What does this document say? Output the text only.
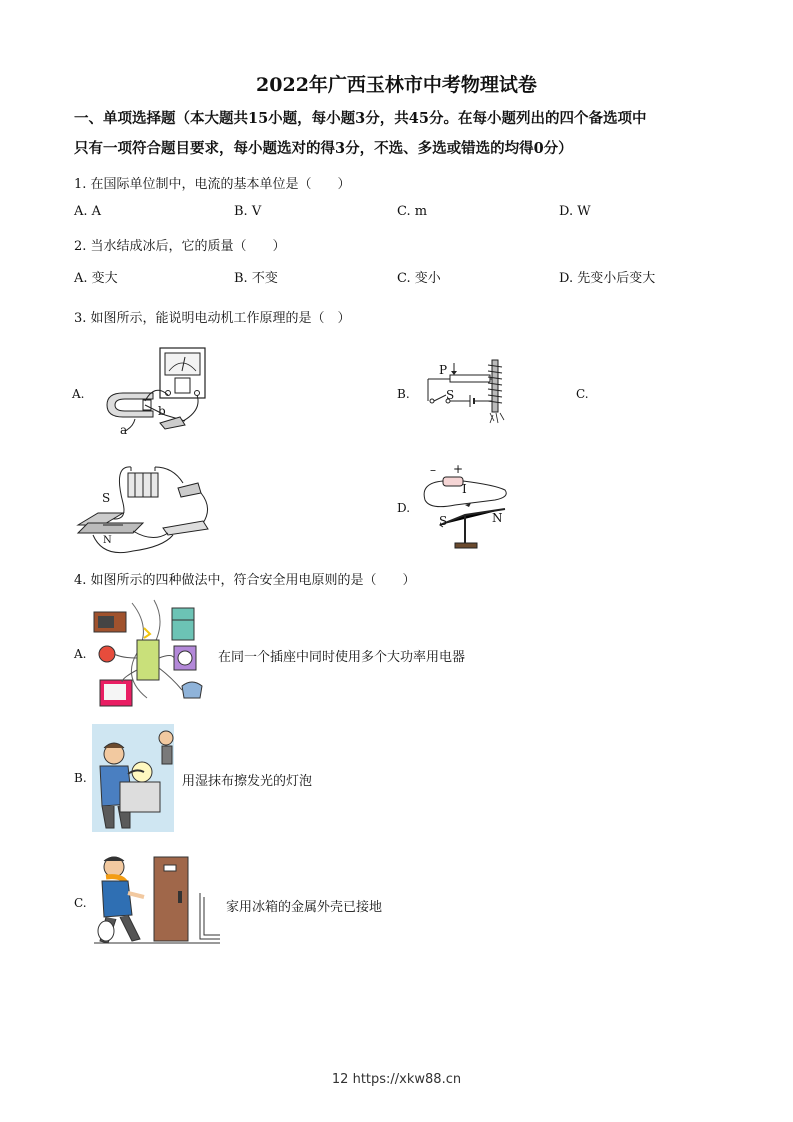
2022年广西玉林市中考物理试卷
一、单项选择题（本大题共15小题，每小题3分，共45分。在每小题列出的四个备选项中
只有一项符合题目要求，每小题选对的得3分，不选、多选或错选的均得0分）
1. 在国际单位制中，电流的基本单位是（　　）
A. A	B. V	C. m	D. W
2. 当水结成冰后，它的质量（　　）
A. 变大	B. 不变	C. 变小	D. 先变小后变大
3. 如图所示，能说明电动机工作原理的是（　）
A.
b
a
B.
P
S	C.
S
N
D.
– +
I
S	N
4. 如图所示的四种做法中，符合安全用电原则的是（　　）
A.	在同一个插座中同时使用多个大功率用电器
B.	用湿抹布擦发光的灯泡
C.	家用冰箱的金属外壳已接地
12 https://xkw88.cn
